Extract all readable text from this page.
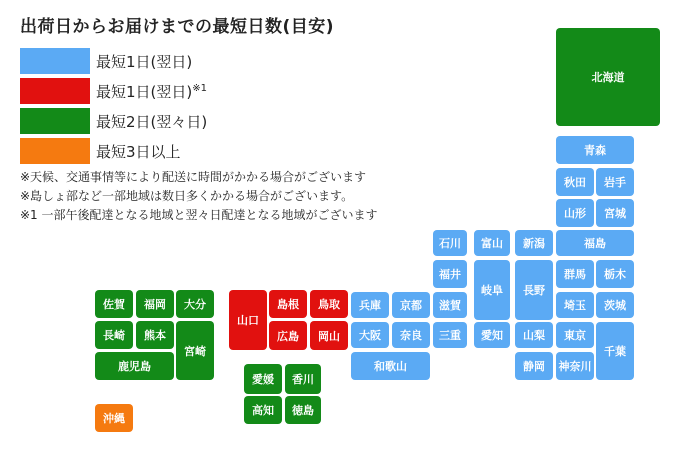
出荷日からお届けまでの最短日数(目安)
最短1日(翌日)
最短1日(翌日)$^{※1}$
最短2日(翌々日)
最短3日以上
※天候、交通事情等により配送に時間がかかる場合がございます
※島しょ部など一部地域は数日多くかかる場合がございます。
※1 一部午後配達となる地域と翌々日配達となる地域がございます
北海道
青森
秋田	岩手
山形	宮城
石川	富山	新潟	福島
福井
岐阜	長野
群馬	栃木
滋賀	埼玉	茨城
兵庫	京都
大阪	奈良	三重	愛知	山梨	東京
千葉
和歌山	静岡	神奈川
山口
島根	鳥取
広島	岡山
佐賀	福岡	大分
長崎	熊本
宮崎
鹿児島
愛媛	香川
高知	徳島
沖縄
